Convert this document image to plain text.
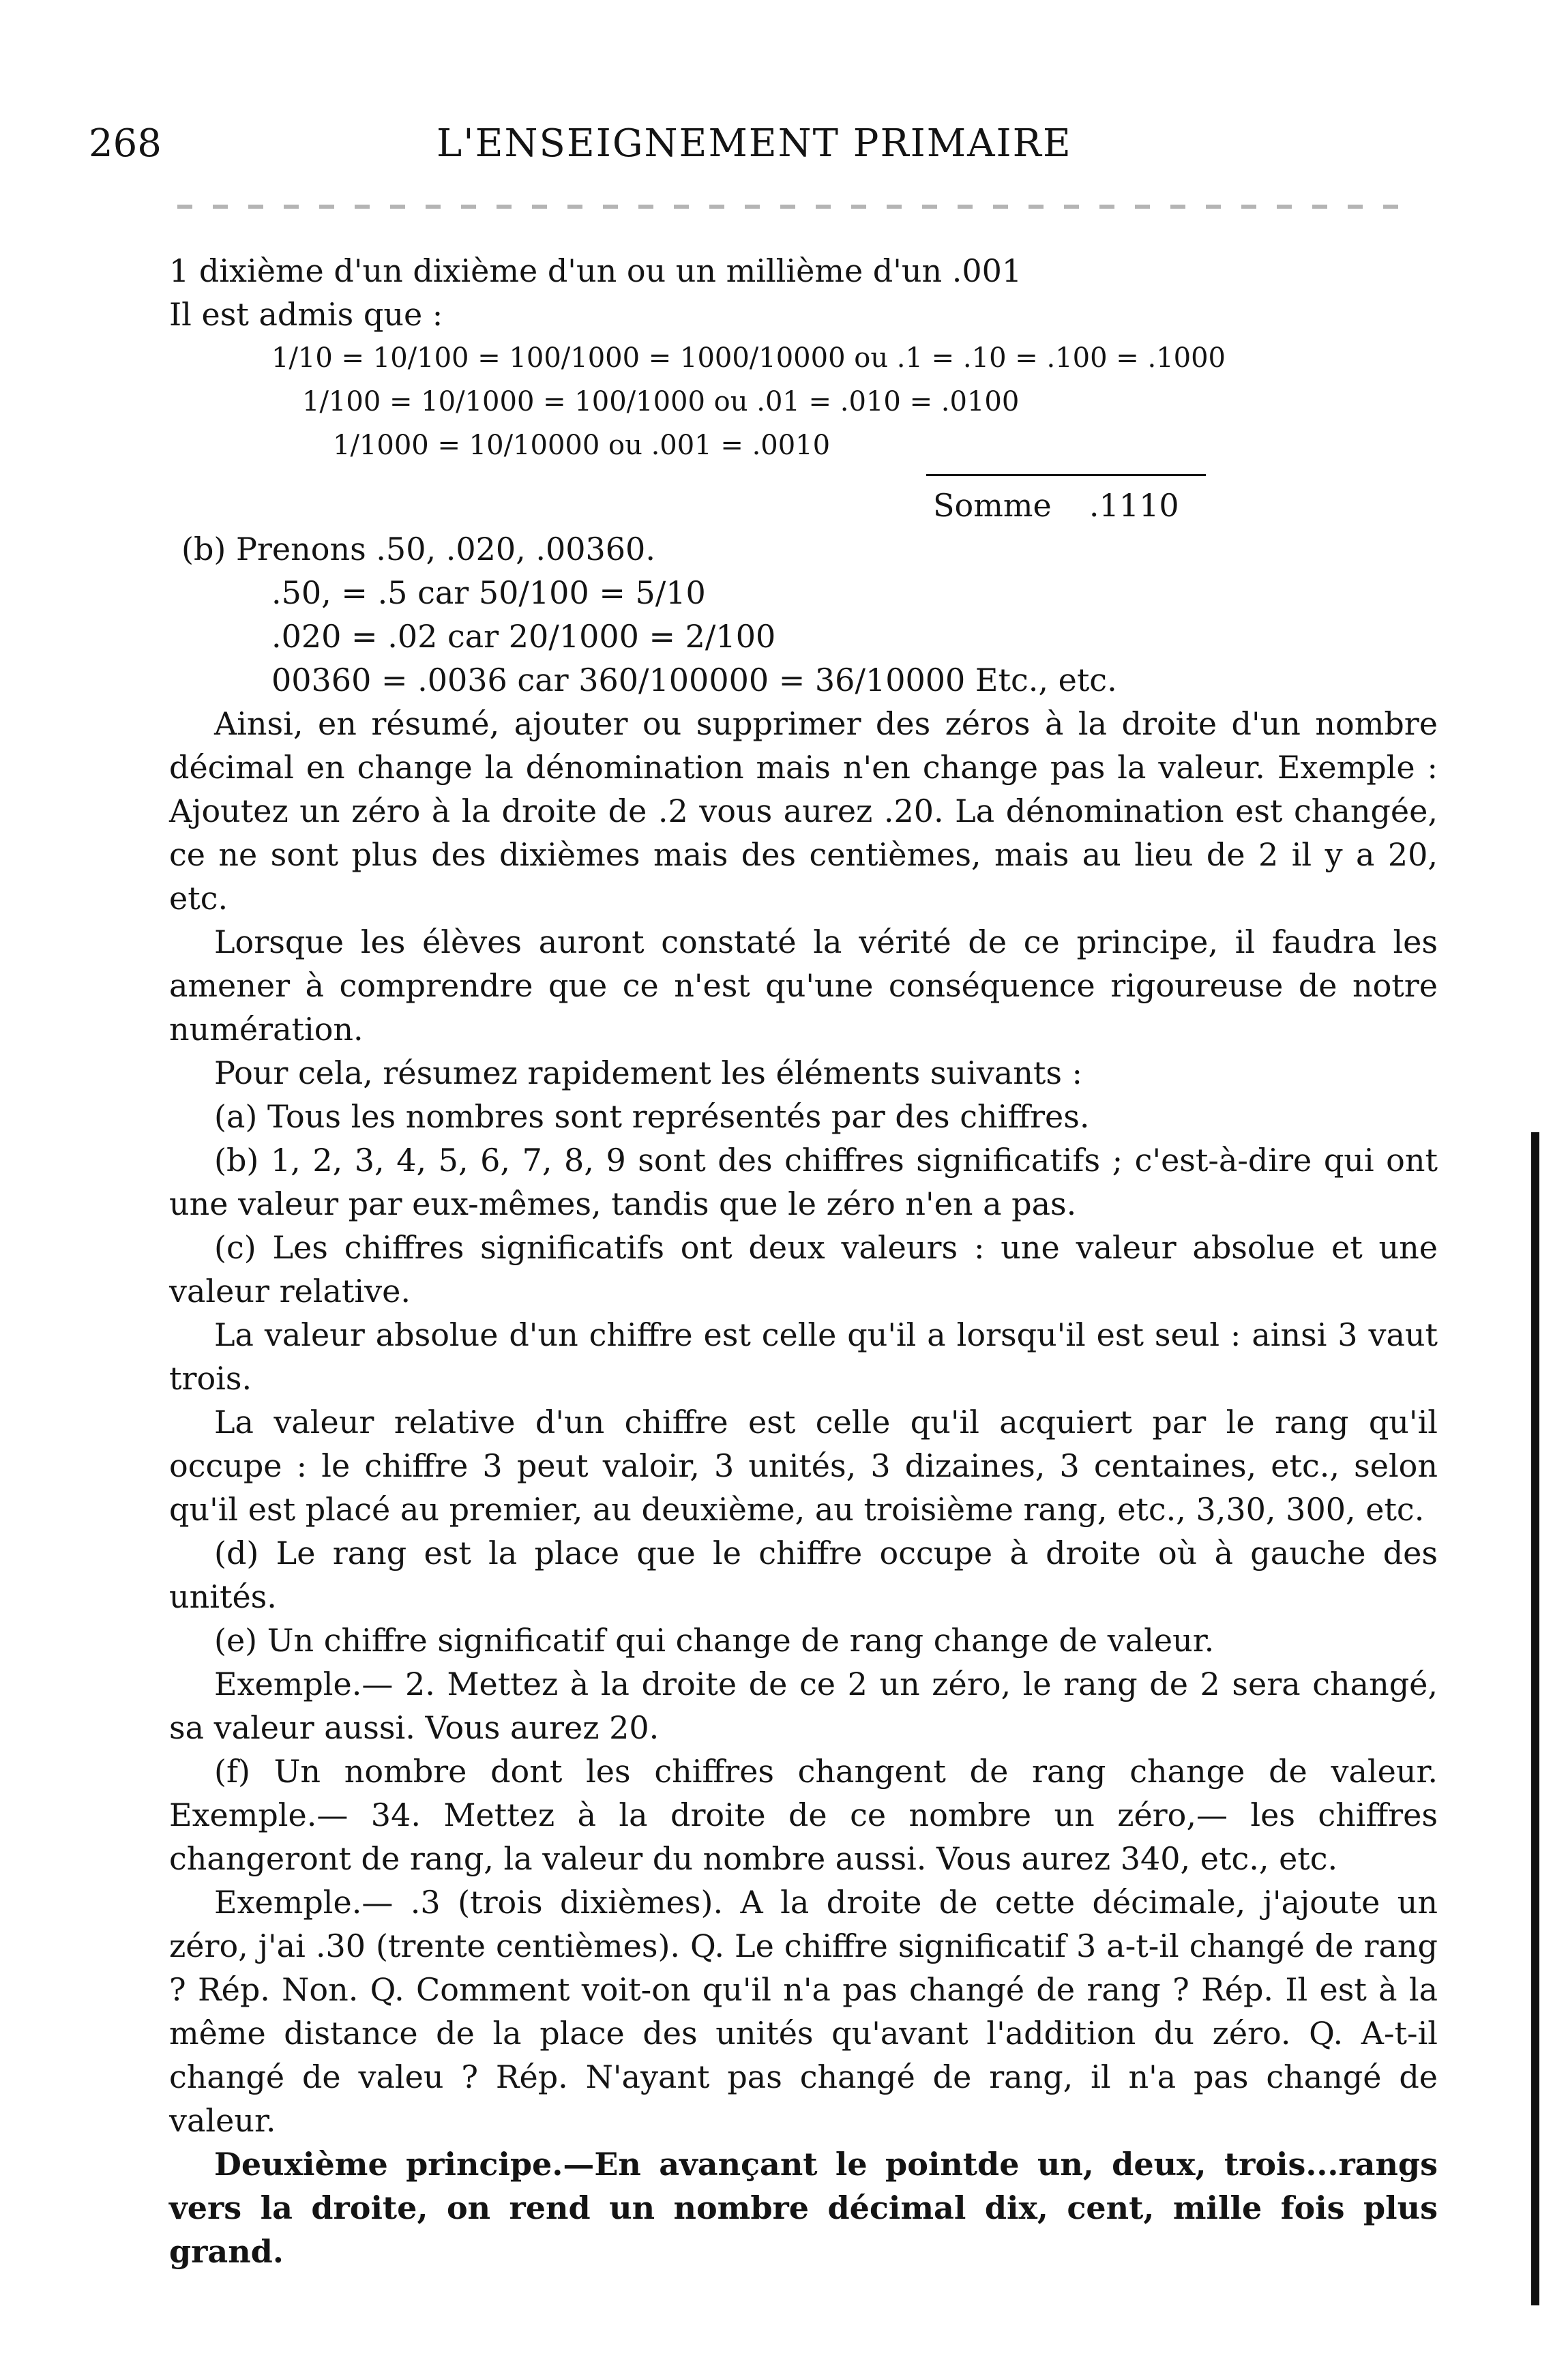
268	L'ENSEIGNEMENT PRIMAIRE

1 dixième d'un dixième d'un ou un millième d'un .001

Il est admis que :

1/10 = 10/100 = 100/1000 = 1000/10000 ou .1 = .10 = .100 = .1000

1/100 = 10/1000 = 100/1000 ou .01 = .010 = .0100

1/1000 = 10/10000 ou .001 = .0010

Somme .1110

(b) Prenons .50, .020, .00360.

.50, = .5 car 50/100 = 5/10

.020 = .02 car 20/1000 = 2/100

00360 = .0036 car 360/100000 = 36/10000 Etc., etc.

Ainsi, en résumé, ajouter ou supprimer des zéros à la droite d'un nombre décimal en change la dénomination mais n'en change pas la valeur. Exemple : Ajoutez un zéro à la droite de .2 vous aurez .20. La dénomination est changée, ce ne sont plus des dixièmes mais des centièmes, mais au lieu de 2 il y a 20, etc.

Lorsque les élèves auront constaté la vérité de ce principe, il faudra les amener à comprendre que ce n'est qu'une conséquence rigoureuse de notre numération.

Pour cela, résumez rapidement les éléments suivants :

(a) Tous les nombres sont représentés par des chiffres.

(b) 1, 2, 3, 4, 5, 6, 7, 8, 9 sont des chiffres significatifs ; c'est-à-dire qui ont une valeur par eux-mêmes, tandis que le zéro n'en a pas.

(c) Les chiffres significatifs ont deux valeurs : une valeur absolue et une valeur relative.

La valeur absolue d'un chiffre est celle qu'il a lorsqu'il est seul : ainsi 3 vaut trois.

La valeur relative d'un chiffre est celle qu'il acquiert par le rang qu'il occupe : le chiffre 3 peut valoir, 3 unités, 3 dizaines, 3 centaines, etc., selon qu'il est placé au premier, au deuxième, au troisième rang, etc., 3,30, 300, etc.

(d) Le rang est la place que le chiffre occupe à droite où à gauche des unités.

(e) Un chiffre significatif qui change de rang change de valeur.

Exemple.— 2. Mettez à la droite de ce 2 un zéro, le rang de 2 sera changé, sa valeur aussi. Vous aurez 20.

(f) Un nombre dont les chiffres changent de rang change de valeur. Exemple.— 34. Mettez à la droite de ce nombre un zéro,— les chiffres changeront de rang, la valeur du nombre aussi. Vous aurez 340, etc., etc.

Exemple.— .3 (trois dixièmes). A la droite de cette décimale, j'ajoute un zéro, j'ai .30 (trente centièmes). Q. Le chiffre significatif 3 a-t-il changé de rang ? Rép. Non. Q. Comment voit-on qu'il n'a pas changé de rang ? Rép. Il est à la même distance de la place des unités qu'avant l'addition du zéro. Q. A-t-il changé de valeu ? Rép. N'ayant pas changé de rang, il n'a pas changé de valeur.

Deuxième principe.—En avançant le pointde un, deux, trois...rangs vers la droite, on rend un nombre décimal dix, cent, mille fois plus grand.
